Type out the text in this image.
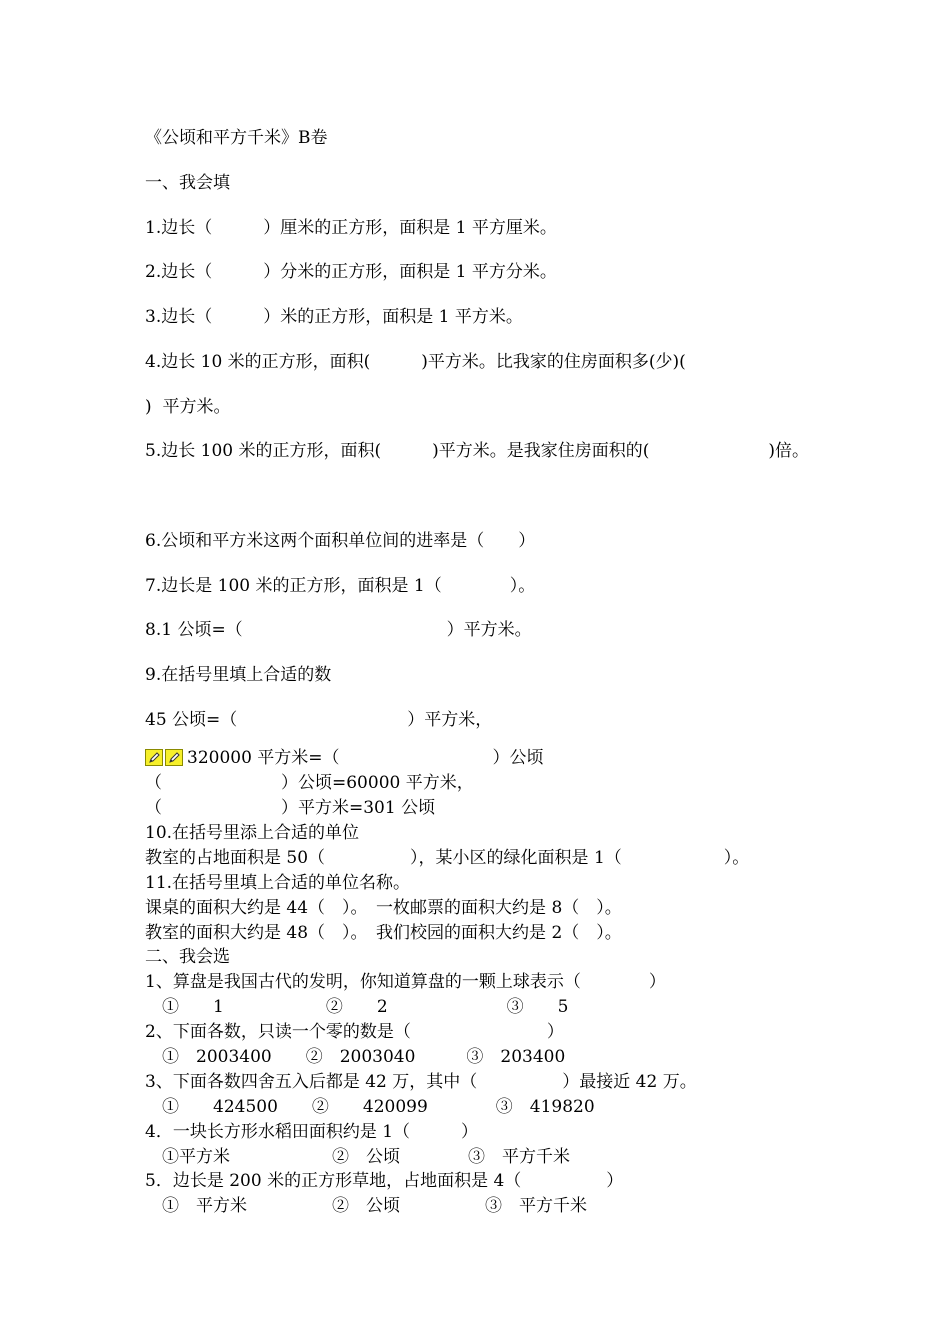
《公顷和平方千米》B卷
一、我会填
1.边长（　　　）厘米的正方形，面积是 1 平方厘米。
2.边长（　　　）分米的正方形，面积是 1 平方分米。
3.边长（　　　）米的正方形，面积是 1 平方米。
4.边长 10 米的正方形，面积(　　　)平方米。比我家的住房面积多(少)(
)  平方米。
5.边长 100 米的正方形，面积(　　　)平方米。是我家住房面积的(　　　　　　　)倍。
6.公顷和平方米这两个面积单位间的进率是（　　）
7.边长是 100 米的正方形，面积是 1（　　　　）。
8.1 公顷=（　　　　　　　　　　　　）平方米。
9.在括号里填上合适的数
45 公顷=（　　　　　　　　　　）平方米，
320000 平方米=（　　　　　　　　　）公顷
（　　　　　　　）公顷=60000 平方米，
（　　　　　　　）平方米=301 公顷
10.在括号里添上合适的单位
教室的占地面积是 50（　　　　　），某小区的绿化面积是 1（　　　　　　）。
11.在括号里填上合适的单位名称。
课桌的面积大约是 44（　）。　一枚邮票的面积大约是 8（　）。
教室的面积大约是 48（　）。　我们校园的面积大约是 2（　）。
二、我会选
1、算盘是我国古代的发明，你知道算盘的一颗上球表示（　　　　）
　①　　1　　　　　　②　　2　　　　　　　③　　5
2、下面各数，只读一个零的数是（　　　　　　　　）
　①　2003400　　②　2003040　　　③　203400
3、下面各数四舍五入后都是 42 万，其中（　　　　　）最接近 42 万。
　①　　424500　　②　　420099　　　　③　419820
4．一块长方形水稻田面积约是 1（　　　）
　①平方米　　　　　　②　公顷　　　　③　平方千米
5．边长是 200 米的正方形草地，占地面积是 4（　　　　　）
　①　平方米　　　　　②　公顷　　　　　③　平方千米
